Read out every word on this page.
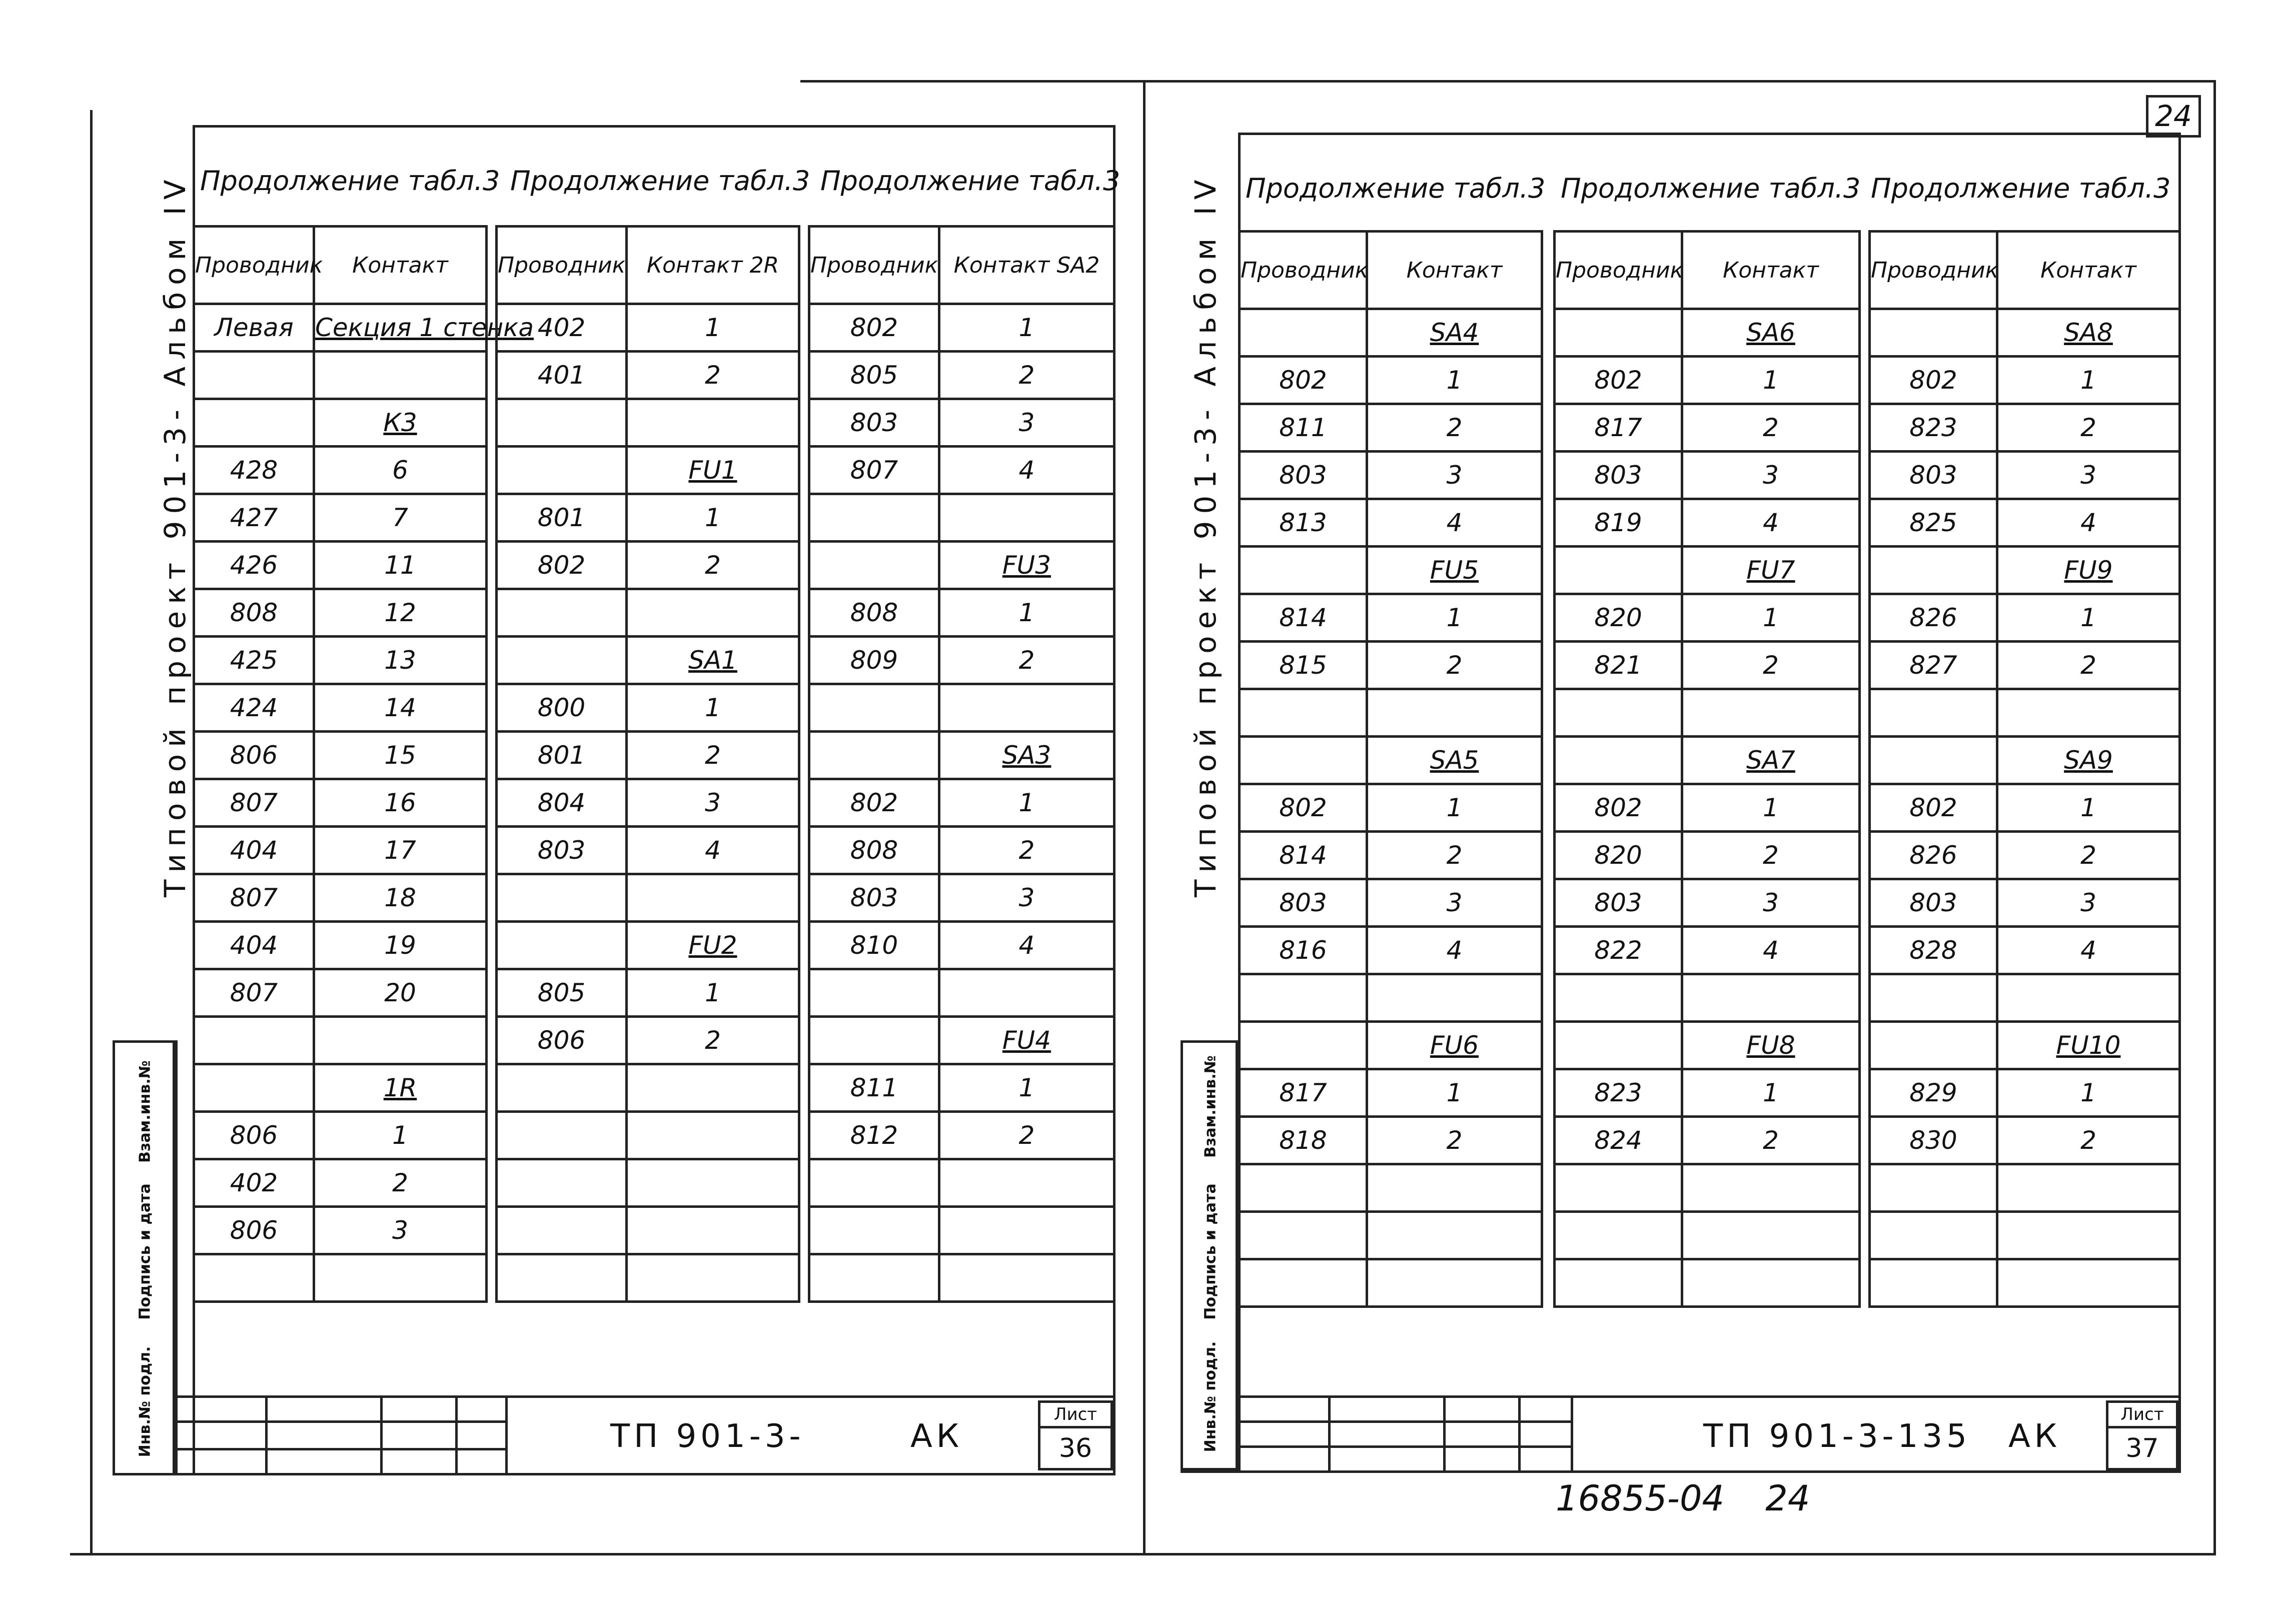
Типовой проект 901-3- Альбом IV
Инв.№ подл.
Подпись и дата
Взам.инв.№
Продолжение табл.3 Продолжение табл.3 Продолжение табл.3
Проводник	Контакт
Левая	Секция 1 стенка

	К3
428	6
427	7
426	11
808	12
425	13
424	14
806	15
807	16
404	17
807	18
404	19
807	20

	1R
806	1
402	2
806	3

Проводник	Контакт 2R
402	1
401	2

	FU1
801	1
802	2

	SA1
800	1
801	2
804	3
803	4

	FU2
805	1
806	2

Проводник	Контакт SA2
802	1
805	2
803	3
807	4

	FU3
808	1
809	2

	SA3
802	1
808	2
803	3
810	4

	FU4
811	1
812	2

ТП 901-3-	АК
Лист
36
24
Типовой проект 901-3- Альбом IV
Инв.№ подл.
Подпись и дата
Взам.инв.№
Продолжение табл.3 Продолжение табл.3 Продолжение табл.3
Проводник	Контакт
	SA4
802	1
811	2
803	3
813	4
	FU5
814	1
815	2

	SA5
802	1
814	2
803	3
816	4

	FU6
817	1
818	2

Проводник	Контакт
	SA6
802	1
817	2
803	3
819	4
	FU7
820	1
821	2

	SA7
802	1
820	2
803	3
822	4

	FU8
823	1
824	2

Проводник	Контакт
	SA8
802	1
823	2
803	3
825	4
	FU9
826	1
827	2

	SA9
802	1
826	2
803	3
828	4

	FU10
829	1
830	2

ТП 901-3-135 АК
Лист
37
16855-04 24
